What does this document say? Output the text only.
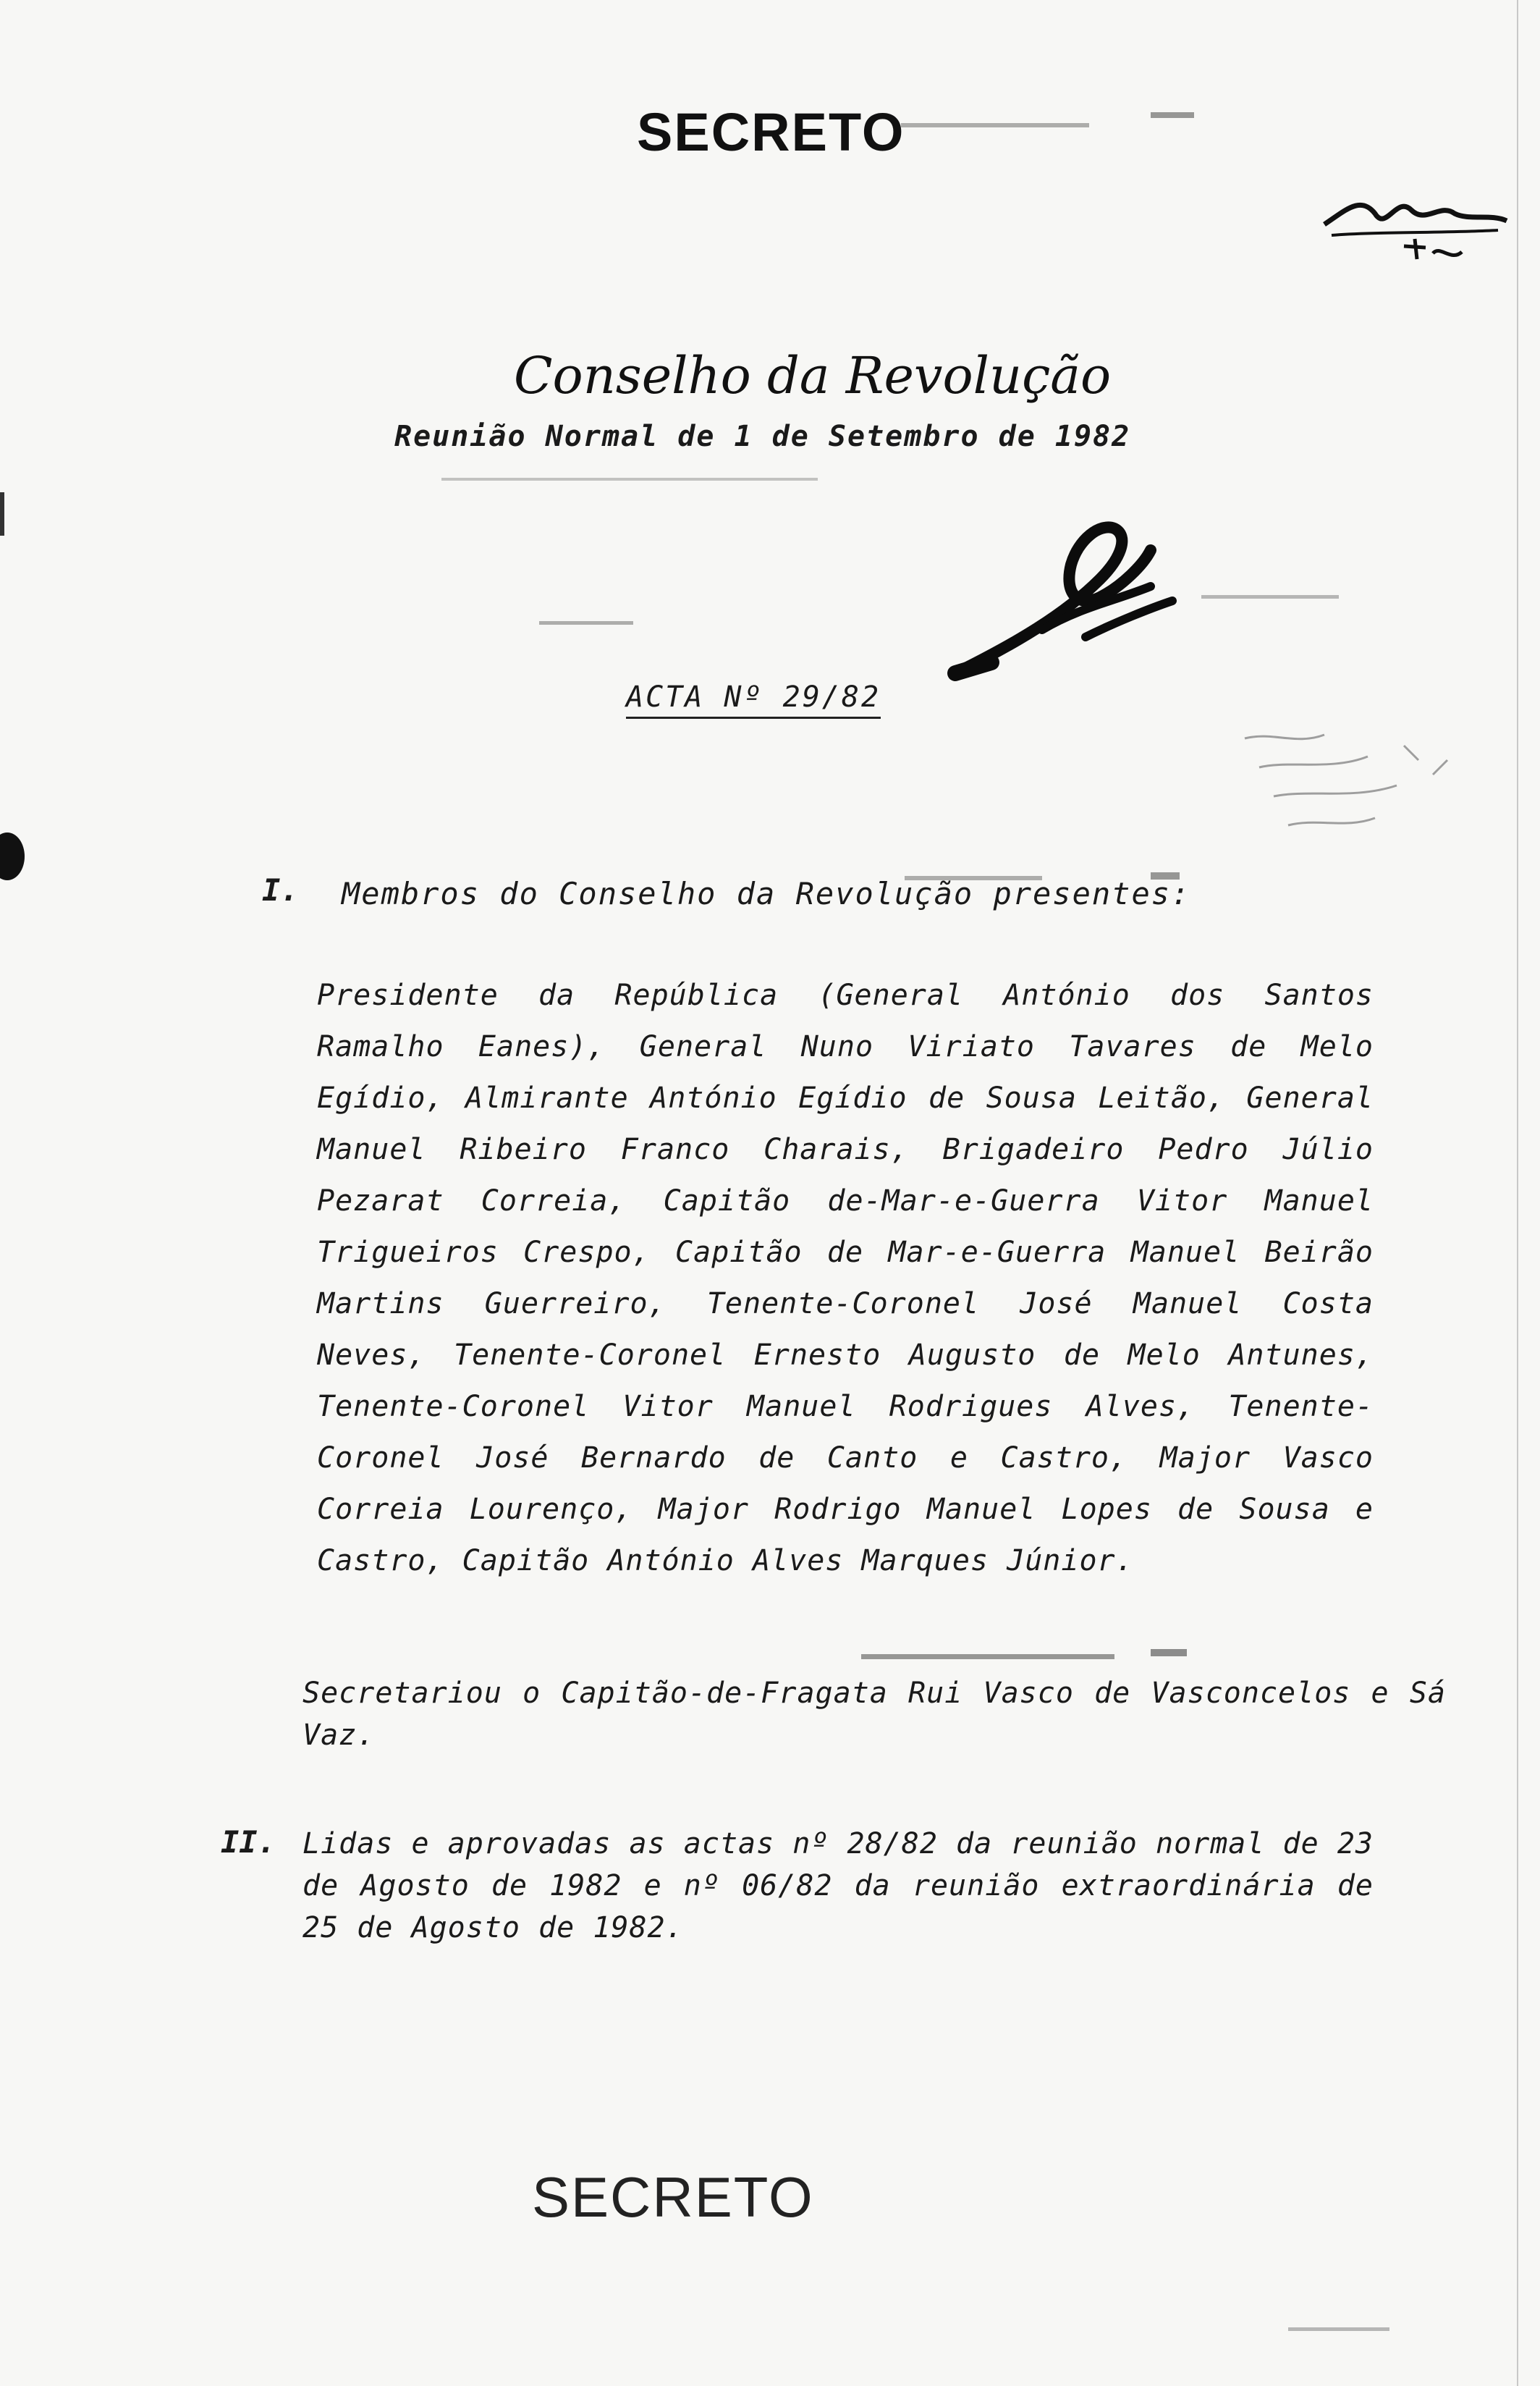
SECRETO
Conselho da Revolução
Reunião Normal de 1 de Setembro de 1982
ACTA Nº 29/82
I. Membros do Conselho da Revolução presentes:
Presidente da República (General António dos Santos Ramalho Eanes), General Nuno Viriato Tavares de Melo Egídio, Almirante António Egídio de Sousa Leitão, General Manuel Ribeiro Franco Charais, Brigadeiro Pedro Júlio Pezarat Correia, Capitão de-Mar-e-Guerra Vitor Manuel Trigueiros Crespo, Capitão de Mar-e-Guerra Manuel Beirão Martins Guerreiro, Tenente-Coronel José Manuel Costa Neves, Tenente-Coronel Ernesto Augusto de Melo Antunes, Tenente-Coronel Vitor Manuel Rodrigues Alves, Tenente-Coronel José Bernardo de Canto e Castro, Major Vasco Correia Lourenço, Major Rodrigo Manuel Lopes de Sousa e Castro, Capitão António Alves Marques Júnior.
Secretariou o Capitão-de-Fragata Rui Vasco de Vasconcelos e Sá Vaz.
II. Lidas e aprovadas as actas nº 28/82 da reunião normal de 23 de Agosto de 1982 e nº 06/82 da reunião extraordinária de 25 de Agosto de 1982.
SECRETO
